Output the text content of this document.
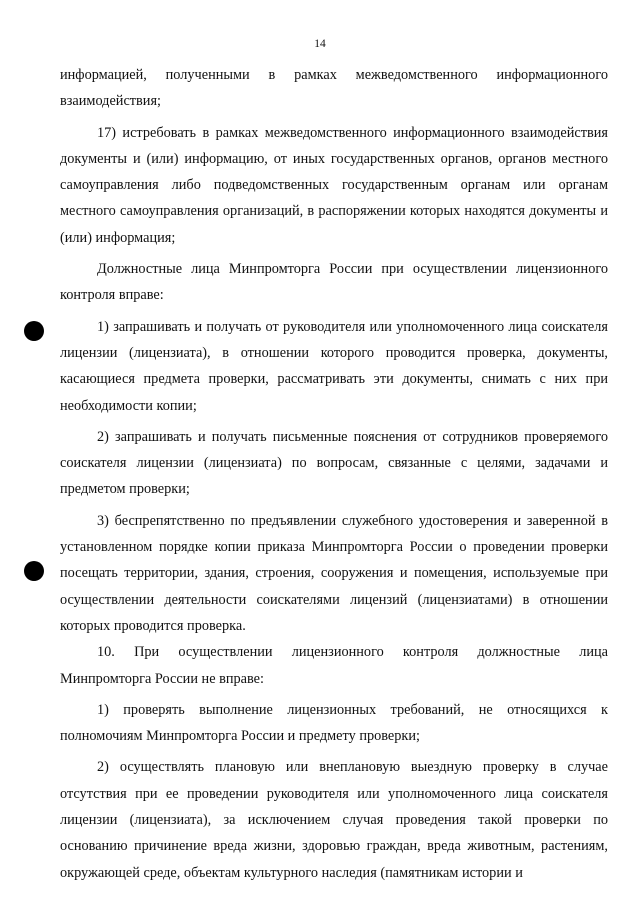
14

информацией, полученными в рамках межведомственного информационного взаимодействия;

17) истребовать в рамках межведомственного информационного взаимодействия документы и (или) информацию, от иных государственных органов, органов местного самоуправления либо подведомственных государственным органам или органам местного самоуправления организаций, в распоряжении которых находятся документы и (или) информация;

Должностные лица Минпромторга России при осуществлении лицензионного контроля вправе:

1) запрашивать и получать от руководителя или уполномоченного лица соискателя лицензии (лицензиата), в отношении которого проводится проверка, документы, касающиеся предмета проверки, рассматривать эти документы, снимать с них при необходимости копии;

2) запрашивать и получать письменные пояснения от сотрудников проверяемого соискателя лицензии (лицензиата) по вопросам, связанные с целями, задачами и предметом проверки;

3) беспрепятственно по предъявлении служебного удостоверения и заверенной в установленном порядке копии приказа Минпромторга России о проведении проверки посещать территории, здания, строения, сооружения и помещения, используемые при осуществлении деятельности соискателями лицензий (лицензиатами) в отношении которых проводится проверка.

10. При осуществлении лицензионного контроля должностные лица Минпромторга России не вправе:

1) проверять выполнение лицензионных требований, не относящихся к полномочиям Минпромторга России и предмету проверки;

2) осуществлять плановую или внеплановую выездную проверку в случае отсутствия при ее проведении руководителя или уполномоченного лица соискателя лицензии (лицензиата), за исключением случая проведения такой проверки по основанию причинение вреда жизни, здоровью граждан, вреда животным, растениям, окружающей среде, объектам культурного наследия (памятникам истории и
